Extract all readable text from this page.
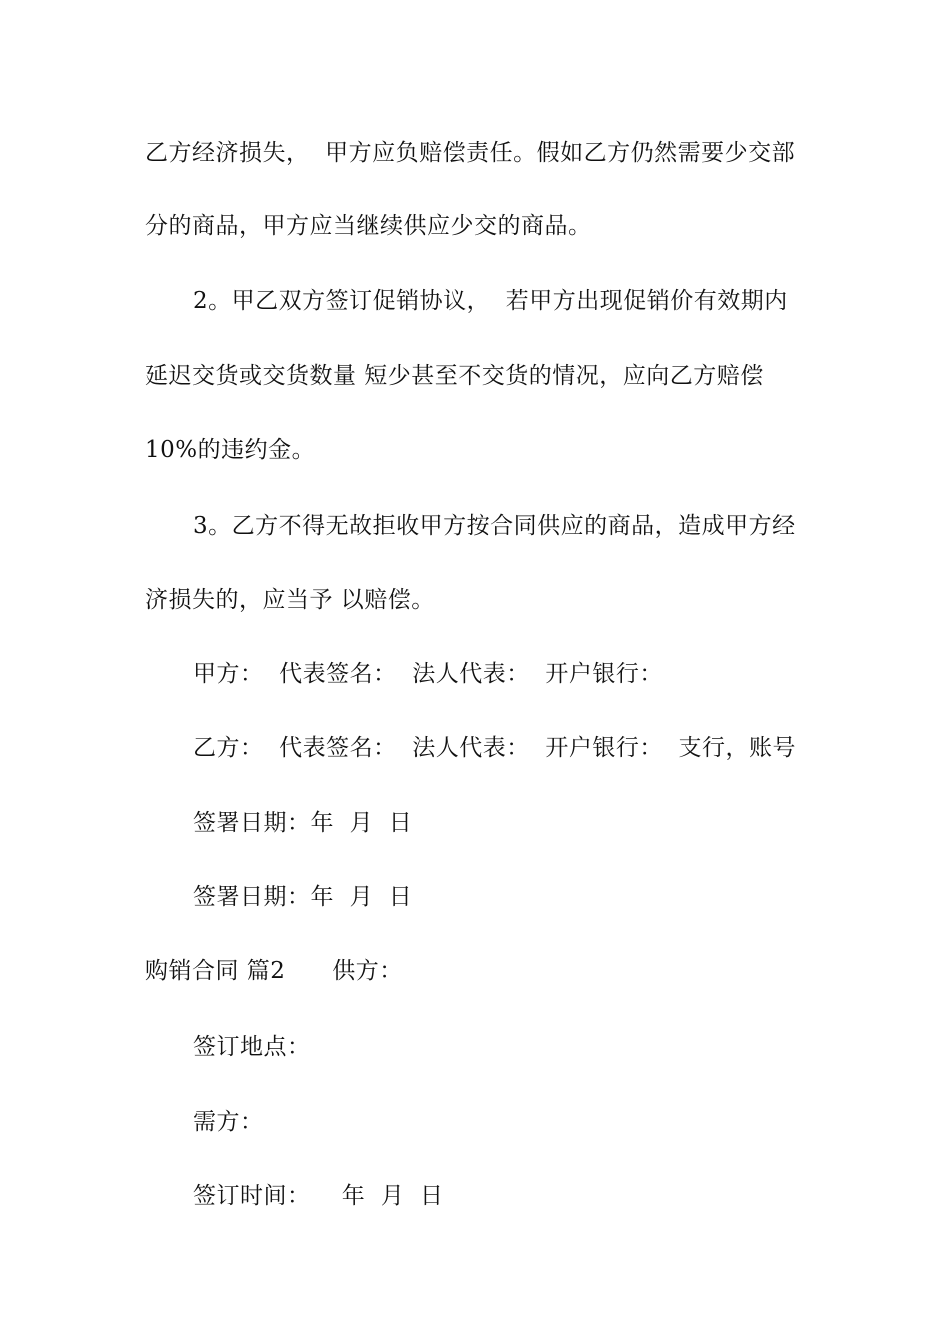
乙方经济损失，  甲方应负赔偿责任。假如乙方仍然需要少交部
分的商品，甲方应当继续供应少交的商品。
2。甲乙双方签订促销协议，  若甲方出现促销价有效期内
延迟交货或交货数量 短少甚至不交货的情况，应向乙方赔偿
10%的违约金。
3。乙方不得无故拒收甲方按合同供应的商品，造成甲方经
济损失的，应当予 以赔偿。
甲方：  代表签名：  法人代表：  开户银行：
乙方：  代表签名：  法人代表：  开户银行：  支行，账号
签署日期：年  月  日
签署日期：年  月  日
购销合同 篇2      供方：
签订地点：
需方：
签订时间：    年  月  日
